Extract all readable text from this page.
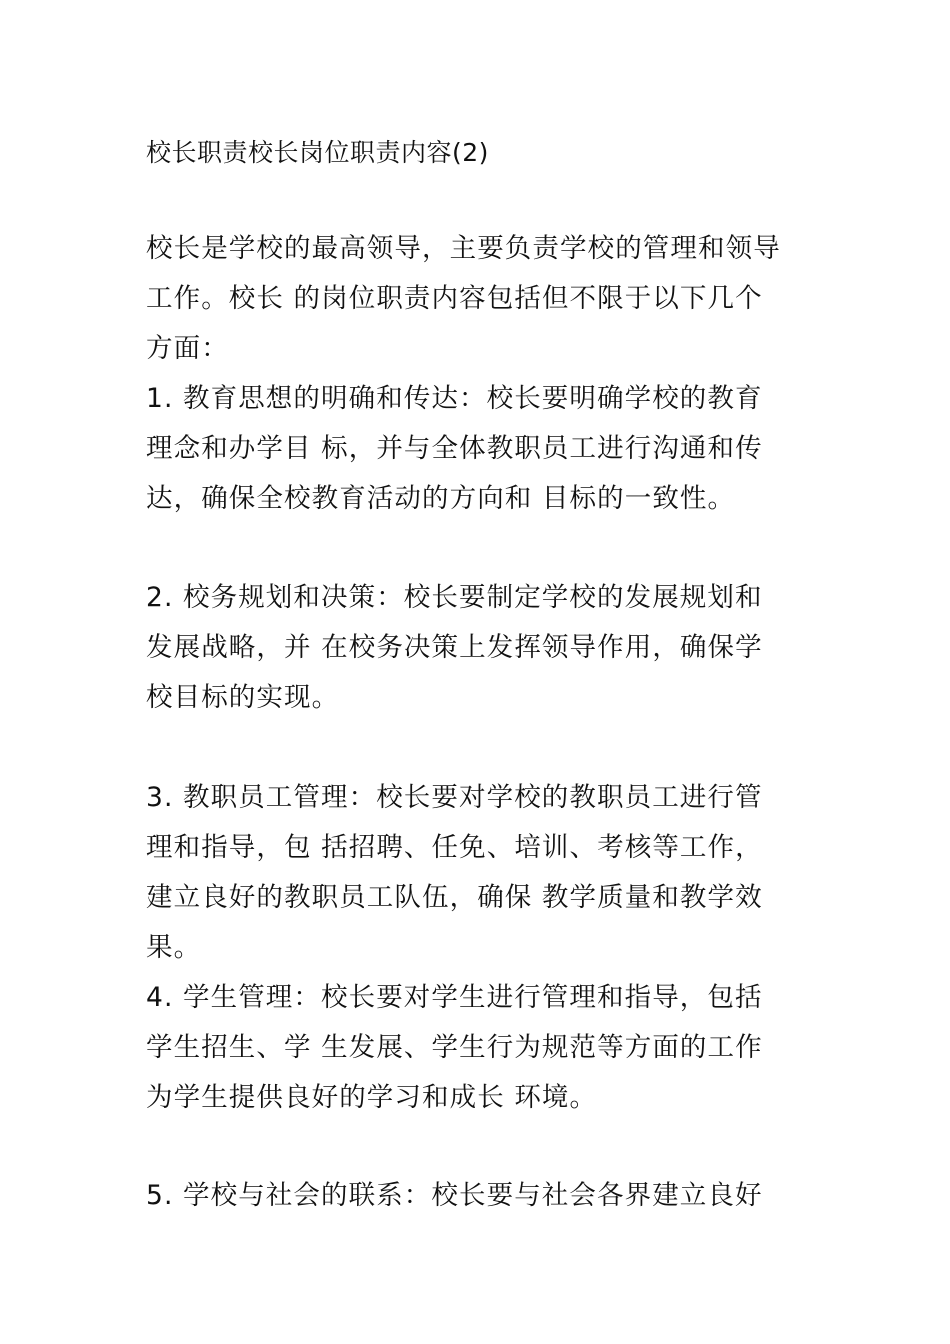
校长职责校长岗位职责内容(2)
校长是学校的最高领导，主要负责学校的管理和领导
工作。校长 的岗位职责内容包括但不限于以下几个
方面：
1. 教育思想的明确和传达：校长要明确学校的教育
理念和办学目 标，并与全体教职员工进行沟通和传
达，确保全校教育活动的方向和 目标的一致性。
2. 校务规划和决策：校长要制定学校的发展规划和
发展战略，并 在校务决策上发挥领导作用，确保学
校目标的实现。
3. 教职员工管理：校长要对学校的教职员工进行管
理和指导，包 括招聘、任免、培训、考核等工作，
建立良好的教职员工队伍，确保 教学质量和教学效
果。
4. 学生管理：校长要对学生进行管理和指导，包括
学生招生、学 生发展、学生行为规范等方面的工作
为学生提供良好的学习和成长 环境。
5. 学校与社会的联系：校长要与社会各界建立良好
